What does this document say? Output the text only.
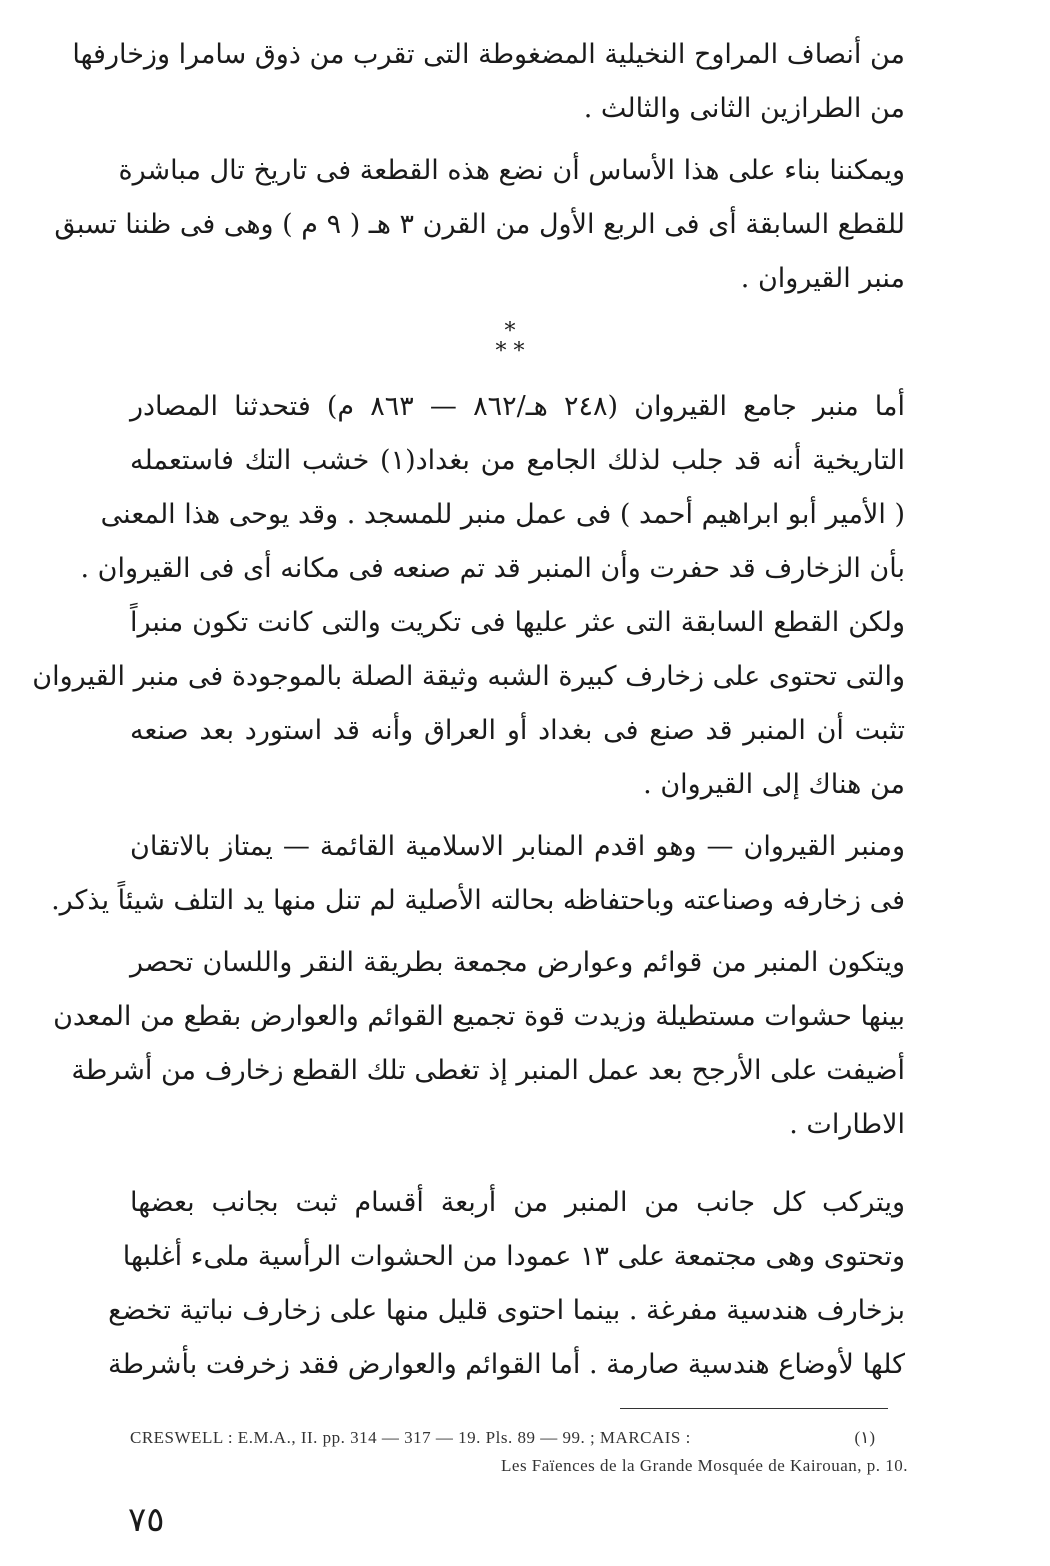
من أنصاف المراوح النخيلية المضغوطة التى تقرب من ذوق سامرا وزخارفها
من الطرازين الثانى والثالث .
ويمكننا بناء على هذا الأساس أن نضع هذه القطعة فى تاريخ تال مباشرة
للقطع السابقة أى فى الربع الأول من القرن ٣ هـ ( ٩ م ) وهى فى ظننا تسبق
منبر القيروان .
*
* *
أما منبر جامع القيروان (٢٤٨ هـ/٨٦٢ — ٨٦٣ م) فتحدثنا المصادر
التاريخية أنه قد جلب لذلك الجامع من بغداد(١) خشب التك فاستعمله
( الأمير أبو ابراهيم أحمد ) فى عمل منبر للمسجد . وقد يوحى هذا المعنى
بأن الزخارف قد حفرت وأن المنبر قد تم صنعه فى مكانه أى فى القيروان .
ولكن القطع السابقة التى عثر عليها فى تكريت والتى كانت تكون منبراً
والتى تحتوى على زخارف كبيرة الشبه وثيقة الصلة بالموجودة فى منبر القيروان
تثبت أن المنبر قد صنع فى بغداد أو العراق وأنه قد استورد بعد صنعه
من هناك إلى القيروان .
ومنبر القيروان — وهو اقدم المنابر الاسلامية القائمة — يمتاز بالاتقان
فى زخارفه وصناعته وباحتفاظه بحالته الأصلية لم تنل منها يد التلف شيئاً يذكر.
ويتكون المنبر من قوائم وعوارض مجمعة بطريقة النقر واللسان تحصر
بينها حشوات مستطيلة وزيدت قوة تجميع القوائم والعوارض بقطع من المعدن
أضيفت على الأرجح بعد عمل المنبر إذ تغطى تلك القطع زخارف من أشرطة
الاطارات .
ويتركب كل جانب من المنبر من أربعة أقسام ثبت بجانب بعضها
وتحتوى وهى مجتمعة على ١٣ عمودا من الحشوات الرأسية ملىء أغلبها
بزخارف هندسية مفرغة . بينما احتوى قليل منها على زخارف نباتية تخضع
كلها لأوضاع هندسية صارمة . أما القوائم والعوارض فقد زخرفت بأشرطة
CRESWELL : E.M.A., II. pp. 314 — 317 — 19. Pls. 89 — 99. ; MARCAIS :	(١)
Les Faïences de la Grande Mosquée de Kairouan, p. 10.
٧٥
